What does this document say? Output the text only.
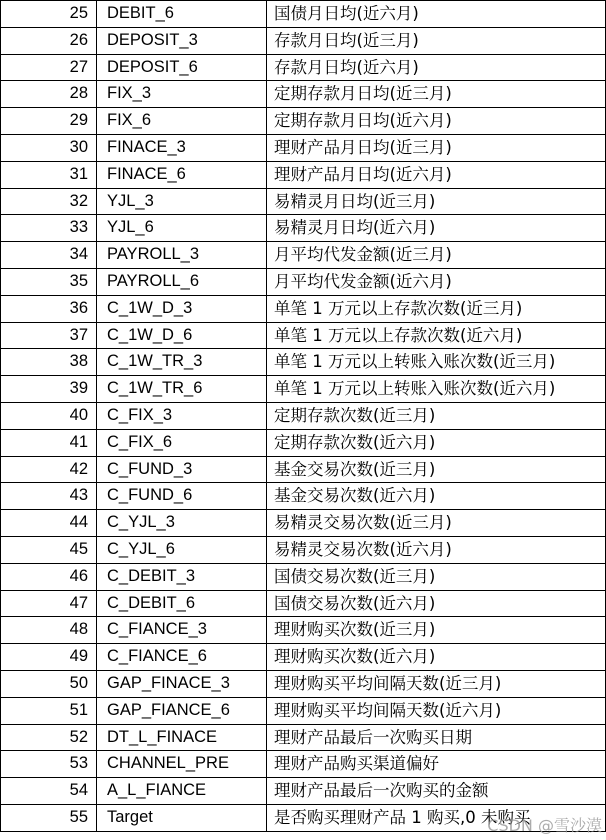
25	DEBIT_6	国债月日均(近六月)
26	DEPOSIT_3	存款月日均(近三月)
27	DEPOSIT_6	存款月日均(近六月)
28	FIX_3	定期存款月日均(近三月)
29	FIX_6	定期存款月日均(近六月)
30	FINACE_3	理财产品月日均(近三月)
31	FINACE_6	理财产品月日均(近六月)
32	YJL_3	易精灵月日均(近三月)
33	YJL_6	易精灵月日均(近六月)
34	PAYROLL_3	月平均代发金额(近三月)
35	PAYROLL_6	月平均代发金额(近六月)
36	C_1W_D_3	单笔 1 万元以上存款次数(近三月)
37	C_1W_D_6	单笔 1 万元以上存款次数(近六月)
38	C_1W_TR_3	单笔 1 万元以上转账入账次数(近三月)
39	C_1W_TR_6	单笔 1 万元以上转账入账次数(近六月)
40	C_FIX_3	定期存款次数(近三月)
41	C_FIX_6	定期存款次数(近六月)
42	C_FUND_3	基金交易次数(近三月)
43	C_FUND_6	基金交易次数(近六月)
44	C_YJL_3	易精灵交易次数(近三月)
45	C_YJL_6	易精灵交易次数(近六月)
46	C_DEBIT_3	国债交易次数(近三月)
47	C_DEBIT_6	国债交易次数(近六月)
48	C_FIANCE_3	理财购买次数(近三月)
49	C_FIANCE_6	理财购买次数(近六月)
50	GAP_FINACE_3	理财购买平均间隔天数(近三月)
51	GAP_FIANCE_6	理财购买平均间隔天数(近六月)
52	DT_L_FINACE	理财产品最后一次购买日期
53	CHANNEL_PRE	理财产品购买渠道偏好
54	A_L_FIANCE	理财产品最后一次购买的金额
55	Target	是否购买理财产品 1 购买,0 未购买
CSDN @雪沙漠
